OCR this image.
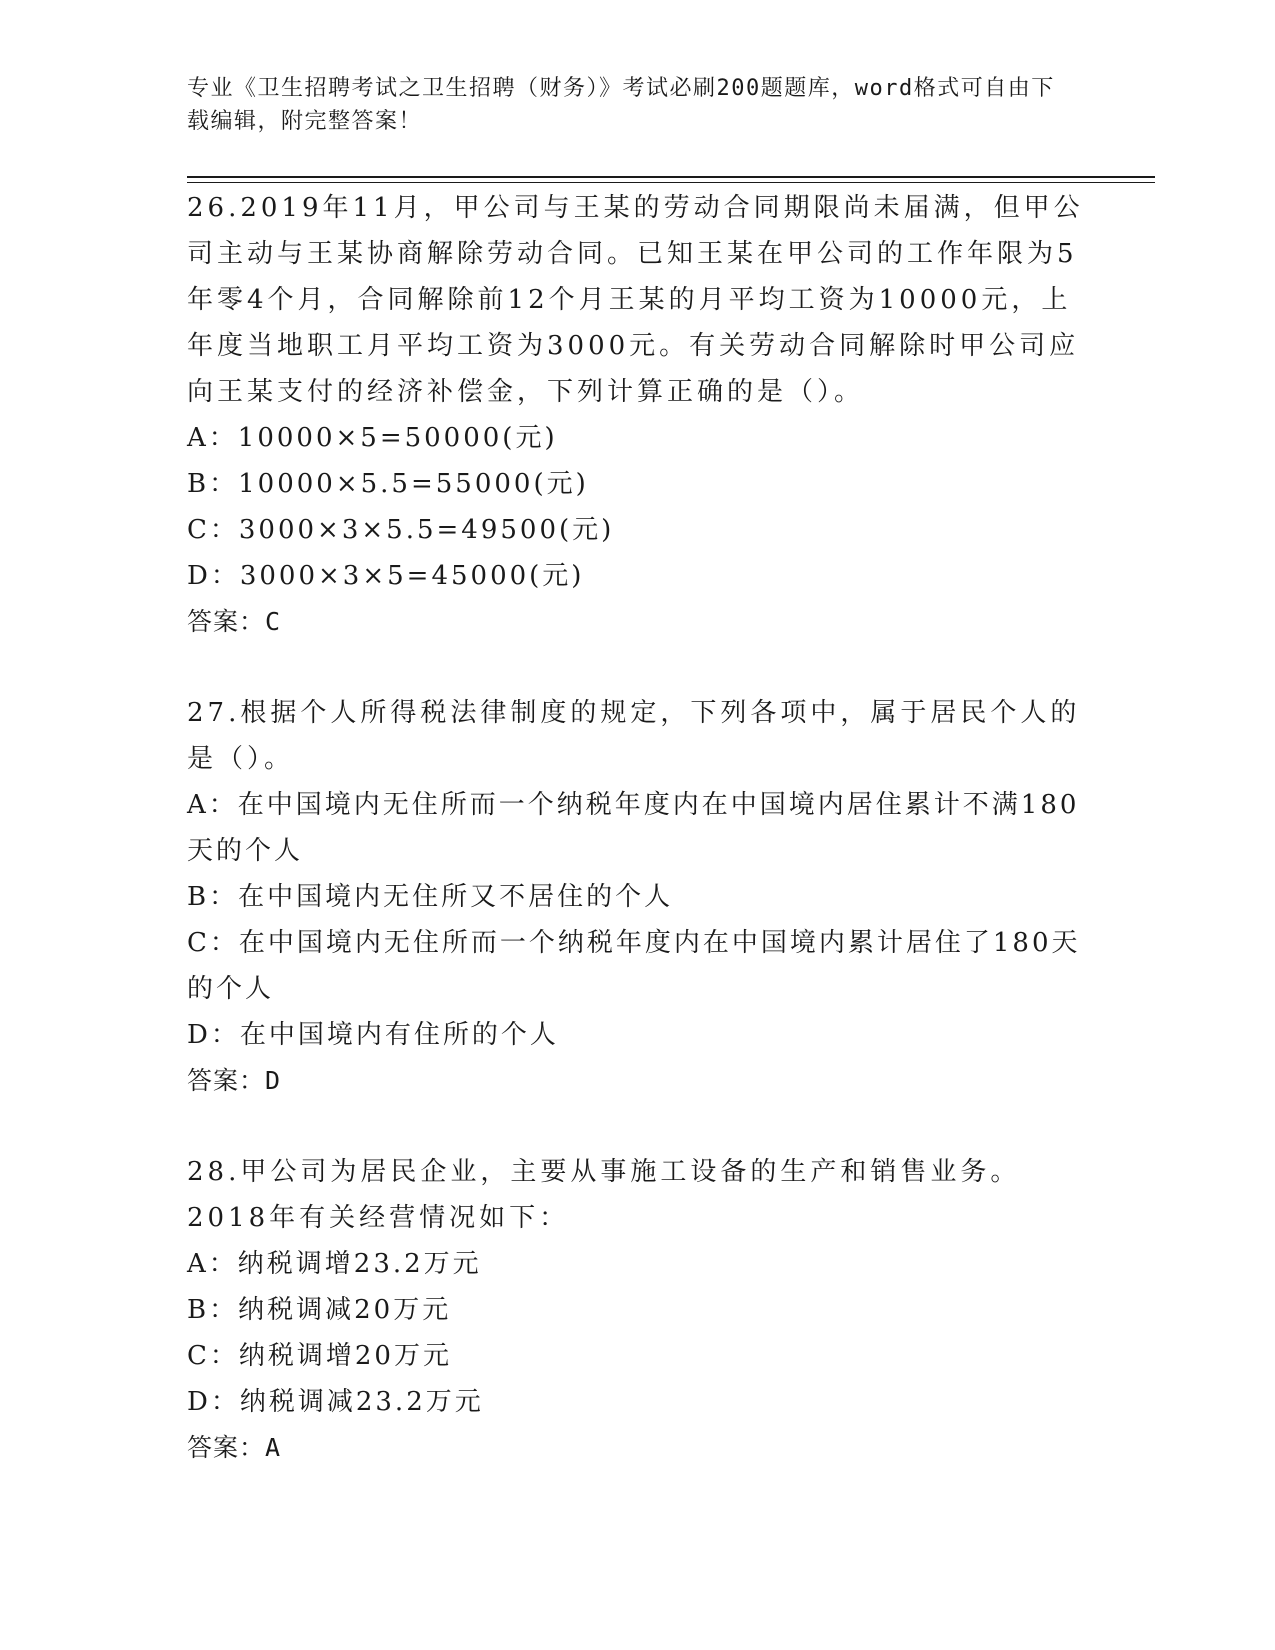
专业《卫生招聘考试之卫生招聘（财务）》考试必刷200题题库，word格式可自由下载编辑，附完整答案！

26.2019年11月，甲公司与王某的劳动合同期限尚未届满，但甲公司主动与王某协商解除劳动合同。已知王某在甲公司的工作年限为5年零4个月，合同解除前12个月王某的月平均工资为10000元，上年度当地职工月平均工资为3000元。有关劳动合同解除时甲公司应向王某支付的经济补偿金，下列计算正确的是（）。

A：10000×5=50000(元)

B：10000×5.5=55000(元)

C：3000×3×5.5=49500(元)

D：3000×3×5=45000(元)

答案：C

27.根据个人所得税法律制度的规定，下列各项中，属于居民个人的是（）。

A：在中国境内无住所而一个纳税年度内在中国境内居住累计不满180天的个人

B：在中国境内无住所又不居住的个人

C：在中国境内无住所而一个纳税年度内在中国境内累计居住了180天的个人

D：在中国境内有住所的个人

答案：D

28.甲公司为居民企业，主要从事施工设备的生产和销售业务。2018年有关经营情况如下：

A：纳税调增23.2万元

B：纳税调减20万元

C：纳税调增20万元

D：纳税调减23.2万元

答案：A
